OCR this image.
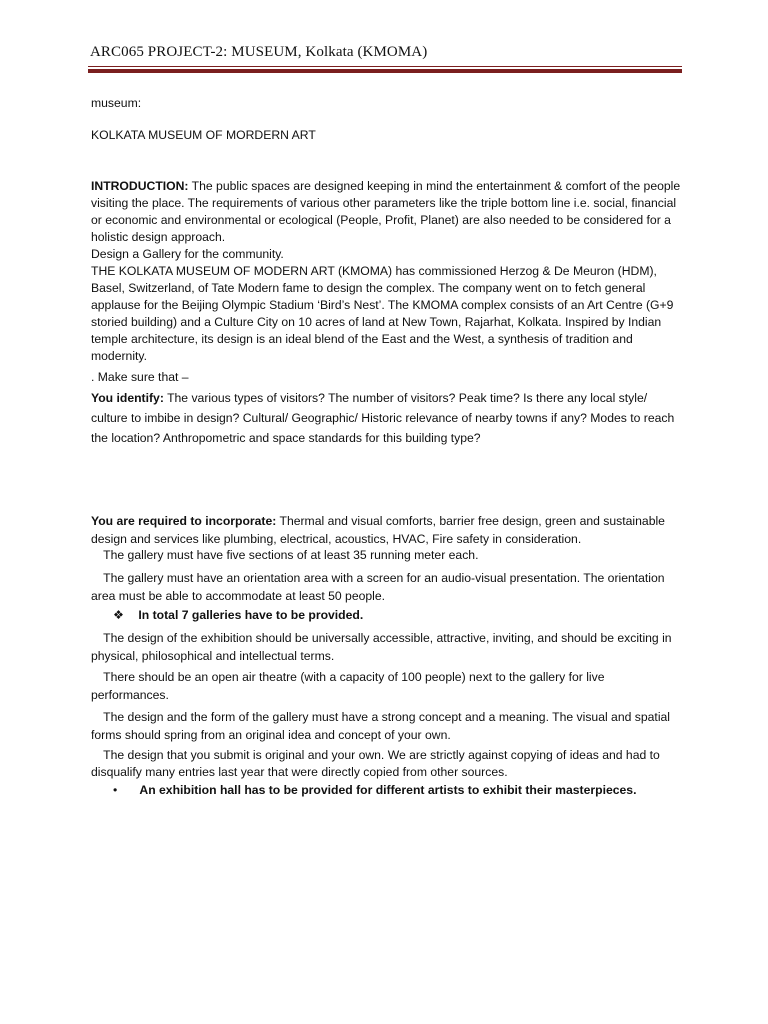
ARC065 PROJECT-2: MUSEUM, Kolkata (KMOMA)

museum:

KOLKATA MUSEUM OF MORDERN ART

INTRODUCTION: The public spaces are designed keeping in mind the entertainment & comfort of the people visiting the place. The requirements of various other parameters like the triple bottom line i.e. social, financial or economic and environmental or ecological (People, Profit, Planet) are also needed to be considered for a holistic design approach.

Design a Gallery for the community.

THE KOLKATA MUSEUM OF MODERN ART (KMOMA) has commissioned Herzog & De Meuron (HDM), Basel, Switzerland, of Tate Modern fame to design the complex. The company went on to fetch general applause for the Beijing Olympic Stadium ‘Bird’s Nest’. The KMOMA complex consists of an Art Centre (G+9 storied building) and a Culture City on 10 acres of land at New Town, Rajarhat, Kolkata. Inspired by Indian temple architecture, its design is an ideal blend of the East and the West, a synthesis of tradition and modernity.

. Make sure that –

You identify: The various types of visitors? The number of visitors? Peak time? Is there any local style/ culture to imbibe in design? Cultural/ Geographic/ Historic relevance of nearby towns if any? Modes to reach the location? Anthropometric and space standards for this building type?

You are required to incorporate: Thermal and visual comforts, barrier free design, green and sustainable design and services like plumbing, electrical, acoustics, HVAC, Fire safety in consideration.

The gallery must have five sections of at least 35 running meter each.

The gallery must have an orientation area with a screen for an audio-visual presentation. The orientation area must be able to accommodate at least 50 people.

❖ In total 7 galleries have to be provided.

The design of the exhibition should be universally accessible, attractive, inviting, and should be exciting in physical, philosophical and intellectual terms.

There should be an open air theatre (with a capacity of 100 people) next to the gallery for live performances.

The design and the form of the gallery must have a strong concept and a meaning. The visual and spatial forms should spring from an original idea and concept of your own.

The design that you submit is original and your own. We are strictly against copying of ideas and had to disqualify many entries last year that were directly copied from other sources.

• An exhibition hall has to be provided for different artists to exhibit their masterpieces.
